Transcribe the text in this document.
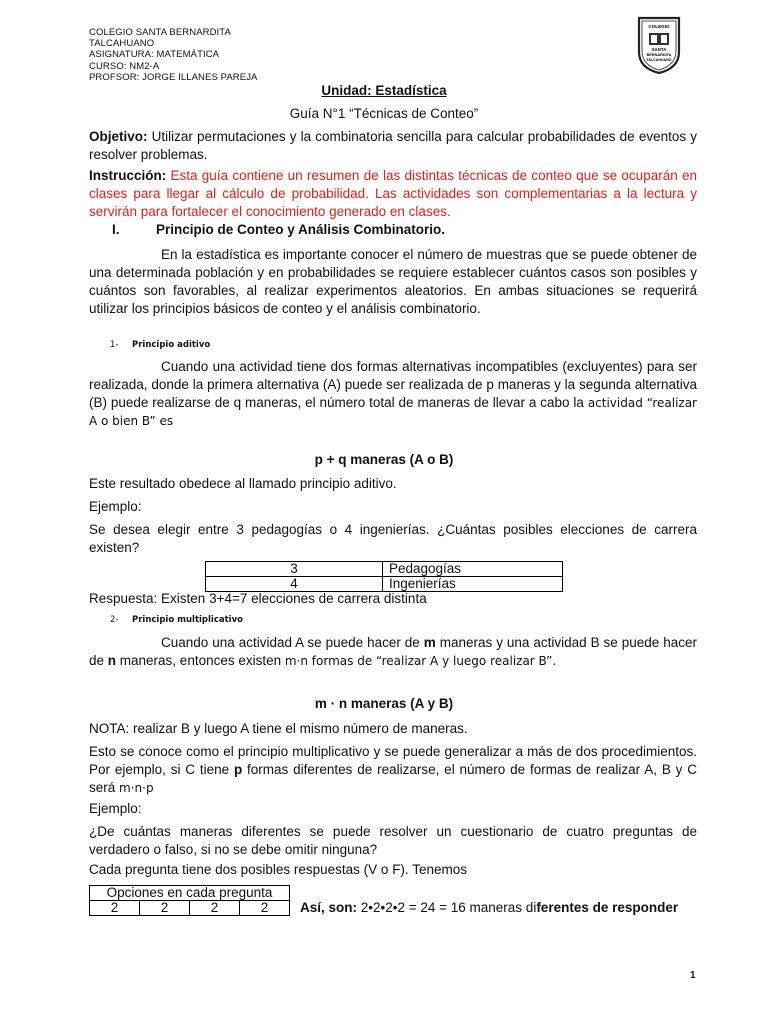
COLEGIO SANTA BERNARDITA
TALCAHUANO
ASIGNATURA: MATEMÁTICA
CURSO: NM2-A
PROFSOR: JORGE ILLANES PAREJA
COLEGIO
SANTA
BERNARDITA
TALCAHUANO
Unidad: Estadística
Guía N°1 “Técnicas de Conteo”
Objetivo: Utilizar permutaciones y la combinatoria sencilla para calcular probabilidades de eventos y resolver problemas.
Instrucción: Esta guía contiene un resumen de las distintas técnicas de conteo que se ocuparán en clases para llegar al cálculo de probabilidad. Las actividades son complementarias a la lectura y servirán para fortalecer el conocimiento generado en clases.
I.	Principio de Conteo y Análisis Combinatorio.
En la estadística es importante conocer el número de muestras que se puede obtener de una determinada población y en probabilidades se requiere establecer cuántos casos son posibles y cuántos son favorables, al realizar experimentos aleatorios. En ambas situaciones se requerirá utilizar los principios básicos de conteo y el análisis combinatorio.
1- Principio aditivo
Cuando una actividad tiene dos formas alternativas incompatibles (excluyentes) para ser realizada, donde la primera alternativa (A) puede ser realizada de p maneras y la segunda alternativa (B) puede realizarse de q maneras, el número total de maneras de llevar a cabo la actividad “realizar A o bien B” es
p + q maneras (A o B)
Este resultado obedece al llamado principio aditivo.
Ejemplo:
Se desea elegir entre 3 pedagogías o 4 ingenierías. ¿Cuántas posibles elecciones de carrera existen?
3	Pedagogías
4	Ingenierías
Respuesta: Existen 3+4=7 elecciones de carrera distinta
2- Principio multiplicativo
Cuando una actividad A se puede hacer de m maneras y una actividad B se puede hacer de n maneras, entonces existen m·n formas de “realizar A y luego realizar B”.
m · n maneras (A y B)
NOTA: realizar B y luego A tiene el mismo número de maneras.
Esto se conoce como el principio multiplicativo y se puede generalizar a más de dos procedimientos. Por ejemplo, si C tiene p formas diferentes de realizarse, el número de formas de realizar A, B y C será m·n·p
Ejemplo:
¿De cuántas maneras diferentes se puede resolver un cuestionario de cuatro preguntas de verdadero o falso, si no se debe omitir ninguna?
Cada pregunta tiene dos posibles respuestas (V o F). Tenemos
Opciones en cada pregunta
2	2	2	2 Así, son: 2•2•2•2 = 24 = 16 maneras diferentes de responder
1
